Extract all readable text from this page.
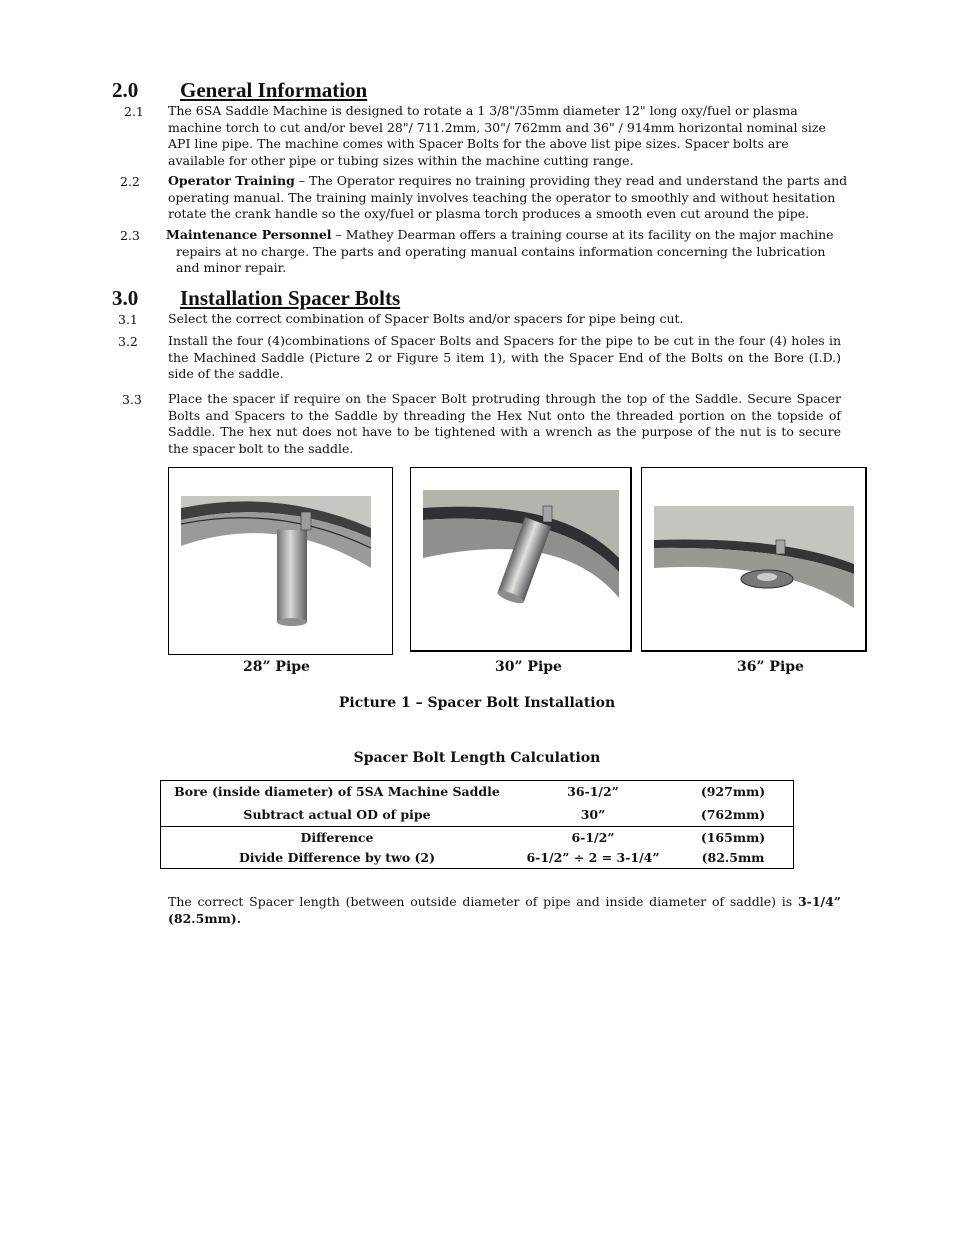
2.0 General Information
2.1 The 6SA Saddle Machine is designed to rotate a 1 3/8"/35mm diameter 12" long oxy/fuel or plasma machine torch to cut and/or bevel 28"/ 711.2mm, 30"/ 762mm and 36" / 914mm horizontal nominal size API line pipe. The machine comes with Spacer Bolts for the above list pipe sizes. Spacer bolts are available for other pipe or tubing sizes within the machine cutting range.
2.2 Operator Training – The Operator requires no training providing they read and understand the parts and operating manual. The training mainly involves teaching the operator to smoothly and without hesitation rotate the crank handle so the oxy/fuel or plasma torch produces a smooth even cut around the pipe.
2.3 Maintenance Personnel – Mathey Dearman offers a training course at its facility on the major machine repairs at no charge. The parts and operating manual contains information concerning the lubrication and minor repair.
3.0 Installation Spacer Bolts
3.1 Select the correct combination of Spacer Bolts and/or spacers for pipe being cut.
3.2 Install the four (4)combinations of Spacer Bolts and Spacers for the pipe to be cut in the four (4) holes in the Machined Saddle (Picture 2 or Figure 5 item 1), with the Spacer End of the Bolts on the Bore (I.D.) side of the saddle.
3.3 Place the spacer if require on the Spacer Bolt protruding through the top of the Saddle. Secure Spacer Bolts and Spacers to the Saddle by threading the Hex Nut onto the threaded portion on the topside of Saddle. The hex nut does not have to be tightened with a wrench as the purpose of the nut is to secure the spacer bolt to the saddle.
28” Pipe	30” Pipe	36” Pipe
Picture 1 – Spacer Bolt Installation
Spacer Bolt Length Calculation
Bore (inside diameter) of 5SA Machine Saddle	36-1/2”	(927mm)
Subtract actual OD of pipe	30”	(762mm)
Difference	6-1/2”	(165mm)
Divide Difference by two (2)	6-1/2” ÷ 2 = 3-1/4”	(82.5mm
The correct Spacer length (between outside diameter of pipe and inside diameter of saddle) is 3-1/4” (82.5mm).
